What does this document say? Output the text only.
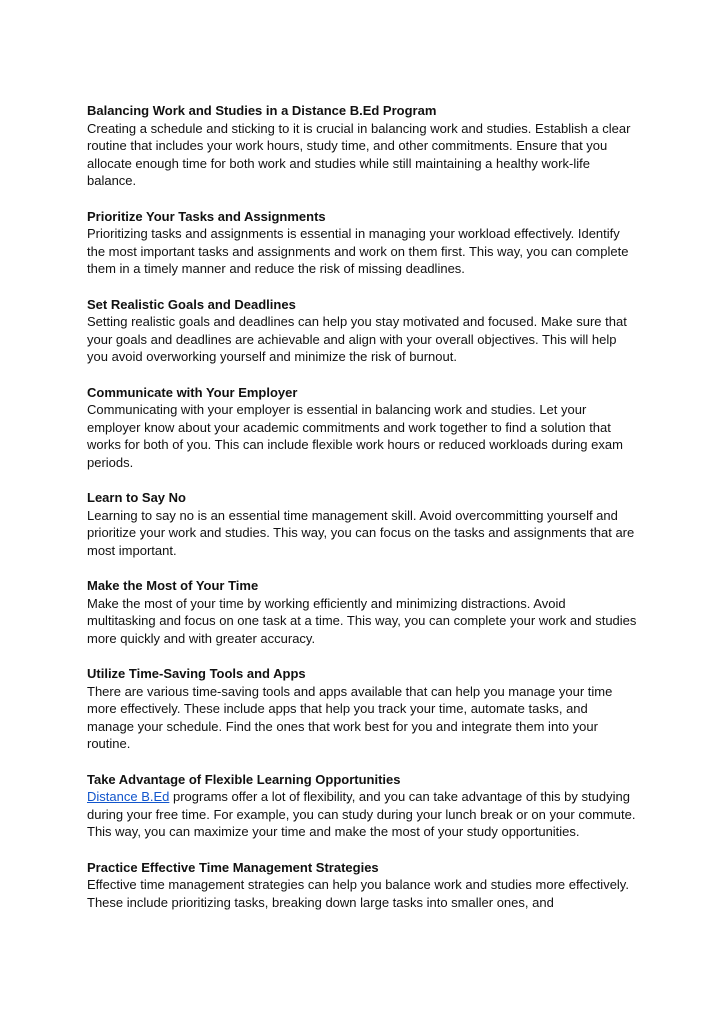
Balancing Work and Studies in a Distance B.Ed Program

Creating a schedule and sticking to it is crucial in balancing work and studies. Establish a clear routine that includes your work hours, study time, and other commitments. Ensure that you allocate enough time for both work and studies while still maintaining a healthy work-life balance.

Prioritize Your Tasks and Assignments

Prioritizing tasks and assignments is essential in managing your workload effectively. Identify the most important tasks and assignments and work on them first. This way, you can complete them in a timely manner and reduce the risk of missing deadlines.

Set Realistic Goals and Deadlines

Setting realistic goals and deadlines can help you stay motivated and focused. Make sure that your goals and deadlines are achievable and align with your overall objectives. This will help you avoid overworking yourself and minimize the risk of burnout.

Communicate with Your Employer

Communicating with your employer is essential in balancing work and studies. Let your employer know about your academic commitments and work together to find a solution that works for both of you. This can include flexible work hours or reduced workloads during exam periods.

Learn to Say No

Learning to say no is an essential time management skill. Avoid overcommitting yourself and prioritize your work and studies. This way, you can focus on the tasks and assignments that are most important.

Make the Most of Your Time

Make the most of your time by working efficiently and minimizing distractions. Avoid multitasking and focus on one task at a time. This way, you can complete your work and studies more quickly and with greater accuracy.

Utilize Time-Saving Tools and Apps

There are various time-saving tools and apps available that can help you manage your time more effectively. These include apps that help you track your time, automate tasks, and manage your schedule. Find the ones that work best for you and integrate them into your routine.

Take Advantage of Flexible Learning Opportunities

Distance B.Ed programs offer a lot of flexibility, and you can take advantage of this by studying during your free time. For example, you can study during your lunch break or on your commute. This way, you can maximize your time and make the most of your study opportunities.

Practice Effective Time Management Strategies

Effective time management strategies can help you balance work and studies more effectively. These include prioritizing tasks, breaking down large tasks into smaller ones, and
